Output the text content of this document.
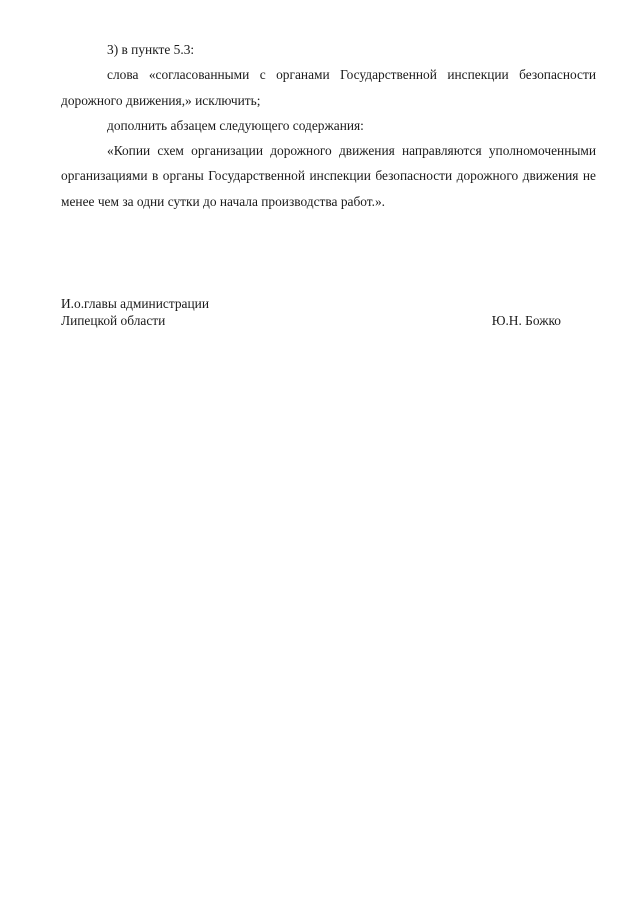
3) в пункте 5.3:

слова «согласованными с органами Государственной инспекции безопасности дорожного движения,» исключить;

дополнить абзацем следующего содержания:

«Копии схем организации дорожного движения направляются уполномоченными организациями в органы Государственной инспекции безопасности дорожного движения не менее чем за одни сутки до начала производства работ.».

И.о.главы администрации
Липецкой области	Ю.Н. Божко
